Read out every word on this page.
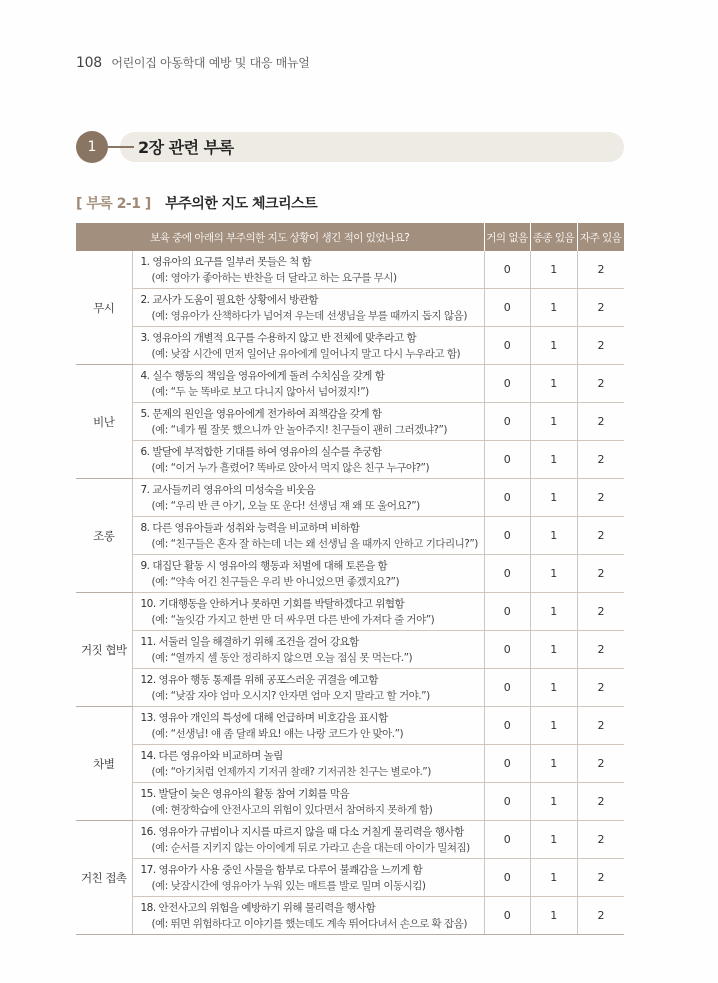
108 어린이집 아동학대 예방 및 대응 매뉴얼
1	2장 관련 부록
[ 부록 2-1 ] 부주의한 지도 체크리스트
보육 중에 아래의 부주의한 지도 상황이 생긴 적이 있었나요?		거의 없음	종종 있음	자주 있음
무시	1. 영유아의 요구를 일부러 못들은 척 함
(예: 영아가 좋아하는 반찬을 더 달라고 하는 요구를 무시)	0	1	2
	2. 교사가 도움이 필요한 상황에서 방관함
(예: 영유아가 산책하다가 넘어져 우는데 선생님을 부를 때까지 돕지 않음)	0	1	2
	3. 영유아의 개별적 요구를 수용하지 않고 반 전체에 맞추라고 함
(예: 낮잠 시간에 먼저 일어난 유아에게 일어나지 말고 다시 누우라고 함)	0	1	2
비난	4. 실수 행동의 책임을 영유아에게 돌려 수치심을 갖게 함
(예: “두 눈 똑바로 보고 다니지 않아서 넘어졌지!”)	0	1	2
	5. 문제의 원인을 영유아에게 전가하여 죄책감을 갖게 함
(예: “네가 뭘 잘못 했으니까 안 놀아주지! 친구들이 괜히 그러겠냐?”)	0	1	2
	6. 발달에 부적합한 기대를 하여 영유아의 실수를 추궁함
(예: “이거 누가 흘렸어? 똑바로 앉아서 먹지 않은 친구 누구야?”)	0	1	2
조롱	7. 교사들끼리 영유아의 미성숙을 비웃음
(예: “우리 반 큰 아기, 오늘 또 운다! 선생님 쟤 왜 또 울어요?”)	0	1	2
	8. 다른 영유아들과 성취와 능력을 비교하며 비하함
(예: “친구들은 혼자 잘 하는데 너는 왜 선생님 올 때까지 안하고 기다리니?”)	0	1	2
	9. 대집단 활동 시 영유아의 행동과 처벌에 대해 토론을 함
(예: “약속 어긴 친구들은 우리 반 아니었으면 좋겠지요?”)	0	1	2
거짓 협박	10. 기대행동을 안하거나 못하면 기회를 박탈하겠다고 위협함
(예: “놀잇감 가지고 한번 만 더 싸우면 다른 반에 가져다 줄 거야”)	0	1	2
	11. 서둘러 일을 해결하기 위해 조건을 걸어 강요함
(예: “열까지 셀 동안 정리하지 않으면 오늘 점심 못 먹는다.”)	0	1	2
	12. 영유아 행동 통제를 위해 공포스러운 귀결을 예고함
(예: “낮잠 자야 엄마 오시지? 안자면 엄마 오지 말라고 할 거야.”)	0	1	2
차별	13. 영유아 개인의 특성에 대해 언급하며 비호감을 표시함
(예: “선생님! 얘 좀 달래 봐요! 얘는 나랑 코드가 안 맞아.”)	0	1	2
	14. 다른 영유아와 비교하며 놀림
(예: “아기처럼 언제까지 기저귀 찰래? 기저귀찬 친구는 별로야.”)	0	1	2
	15. 발달이 늦은 영유아의 활동 참여 기회를 막음
(예: 현장학습에 안전사고의 위험이 있다면서 참여하지 못하게 함)	0	1	2
거친 접촉	16. 영유아가 규범이나 지시를 따르지 않을 때 다소 거칠게 물리력을 행사함
(예: 순서를 지키지 않는 아이에게 뒤로 가라고 손을 대는데 아이가 밀쳐짐)	0	1	2
	17. 영유아가 사용 중인 사물을 함부로 다루어 불쾌감을 느끼게 함
(예: 낮잠시간에 영유아가 누워 있는 매트를 발로 밀며 이동시킴)	0	1	2
	18. 안전사고의 위험을 예방하기 위해 물리력을 행사함
(예: 뛰면 위험하다고 이야기를 했는데도 계속 뛰어다녀서 손으로 확 잡음)	0	1	2
